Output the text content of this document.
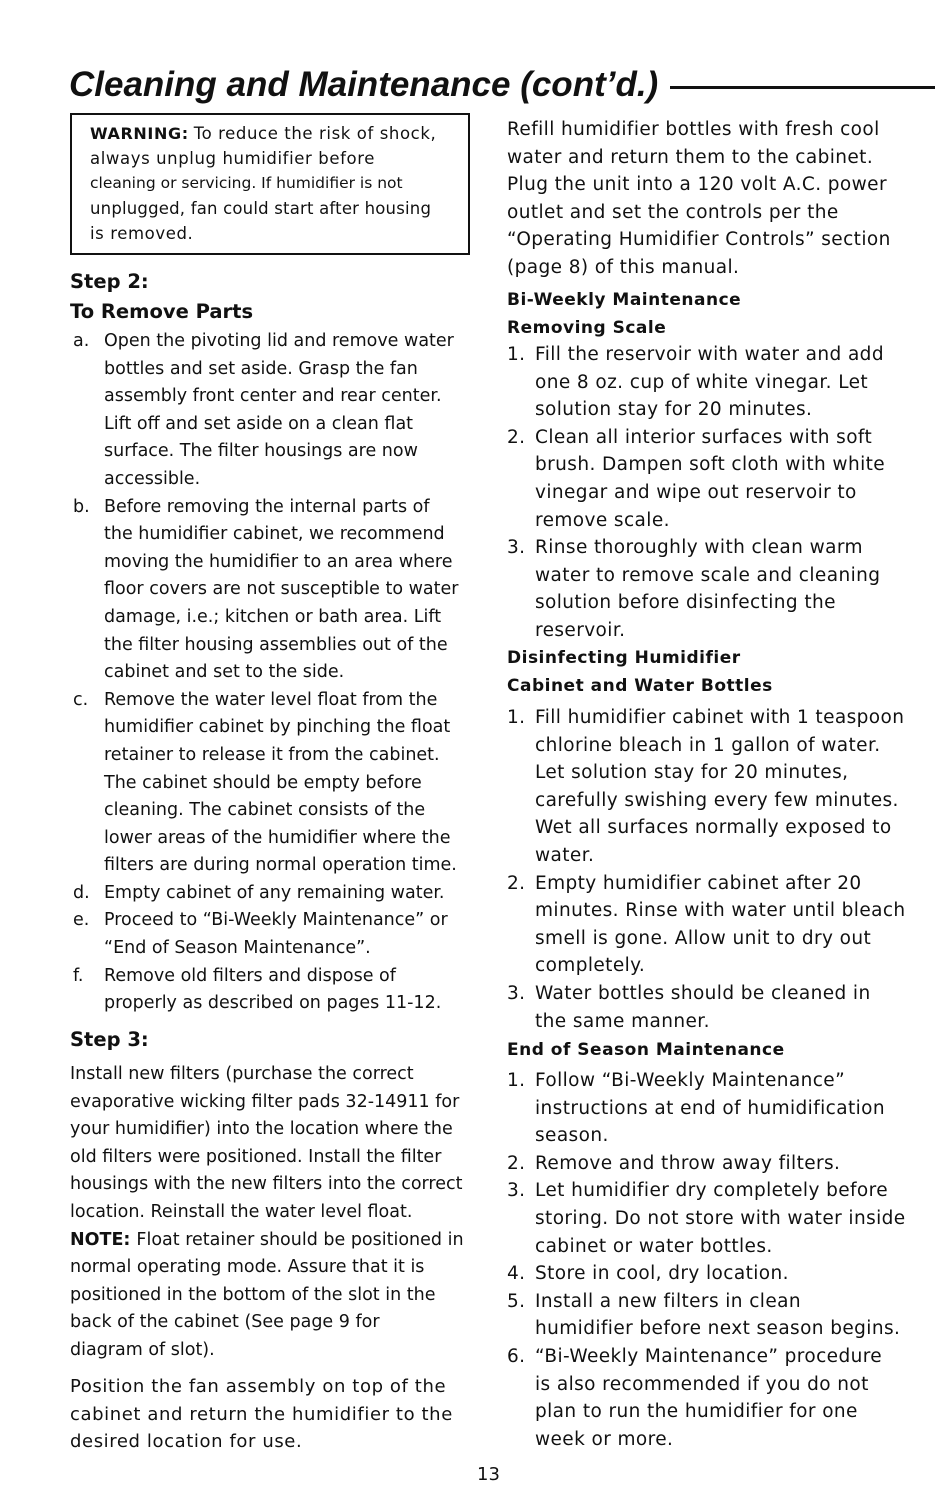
Cleaning and Maintenance (cont’d.)
WARNING: To reduce the risk of shock,
always unplug humidifier before
cleaning or servicing. If humidifier is not
unplugged, fan could start after housing
is removed.
Step 2:
To Remove Parts
a. Open the pivoting lid and remove water
bottles and set aside. Grasp the fan
assembly front center and rear center.
Lift off and set aside on a clean flat
surface. The filter housings are now
accessible.
b. Before removing the internal parts of
the humidifier cabinet, we recommend
moving the humidifier to an area where
floor covers are not susceptible to water
damage, i.e.; kitchen or bath area. Lift
the filter housing assemblies out of the
cabinet and set to the side.
c. Remove the water level float from the
humidifier cabinet by pinching the float
retainer to release it from the cabinet.
The cabinet should be empty before
cleaning. The cabinet consists of the
lower areas of the humidifier where the
filters are during normal operation time.
d. Empty cabinet of any remaining water.
e. Proceed to “Bi-Weekly Maintenance” or
“End of Season Maintenance”.
f.	Remove old filters and dispose of
properly as described on pages 11-12.
Step 3:
Install new filters (purchase the correct
evaporative wicking filter pads 32-14911 for
your humidifier) into the location where the
old filters were positioned. Install the filter
housings with the new filters into the correct
location. Reinstall the water level float.
NOTE: Float retainer should be positioned in
normal operating mode. Assure that it is
positioned in the bottom of the slot in the
back of the cabinet (See page 9 for
diagram of slot).
Position the fan assembly on top of the
cabinet and return the humidifier to the
desired location for use.
Refill humidifier bottles with fresh cool
water and return them to the cabinet.
Plug the unit into a 120 volt A.C. power
outlet and set the controls per the
“Operating Humidifier Controls” section
(page 8) of this manual.
Bi-Weekly Maintenance
Removing Scale
1. Fill the reservoir with water and add
one 8 oz. cup of white vinegar. Let
solution stay for 20 minutes.
2. Clean all interior surfaces with soft
brush. Dampen soft cloth with white
vinegar and wipe out reservoir to
remove scale.
3. Rinse thoroughly with clean warm
water to remove scale and cleaning
solution before disinfecting the
reservoir.
Disinfecting Humidifier
Cabinet and Water Bottles
1. Fill humidifier cabinet with 1 teaspoon
chlorine bleach in 1 gallon of water.
Let solution stay for 20 minutes,
carefully swishing every few minutes.
Wet all surfaces normally exposed to
water.
2. Empty humidifier cabinet after 20
minutes. Rinse with water until bleach
smell is gone. Allow unit to dry out
completely.
3. Water bottles should be cleaned in
the same manner.
End of Season Maintenance
1. Follow “Bi-Weekly Maintenance”
instructions at end of humidification
season.
2. Remove and throw away filters.
3. Let humidifier dry completely before
storing. Do not store with water inside
cabinet or water bottles.
4. Store in cool, dry location.
5. Install a new filters in clean
humidifier before next season begins.
6. “Bi-Weekly Maintenance” procedure
is also recommended if you do not
plan to run the humidifier for one
week or more.
13
